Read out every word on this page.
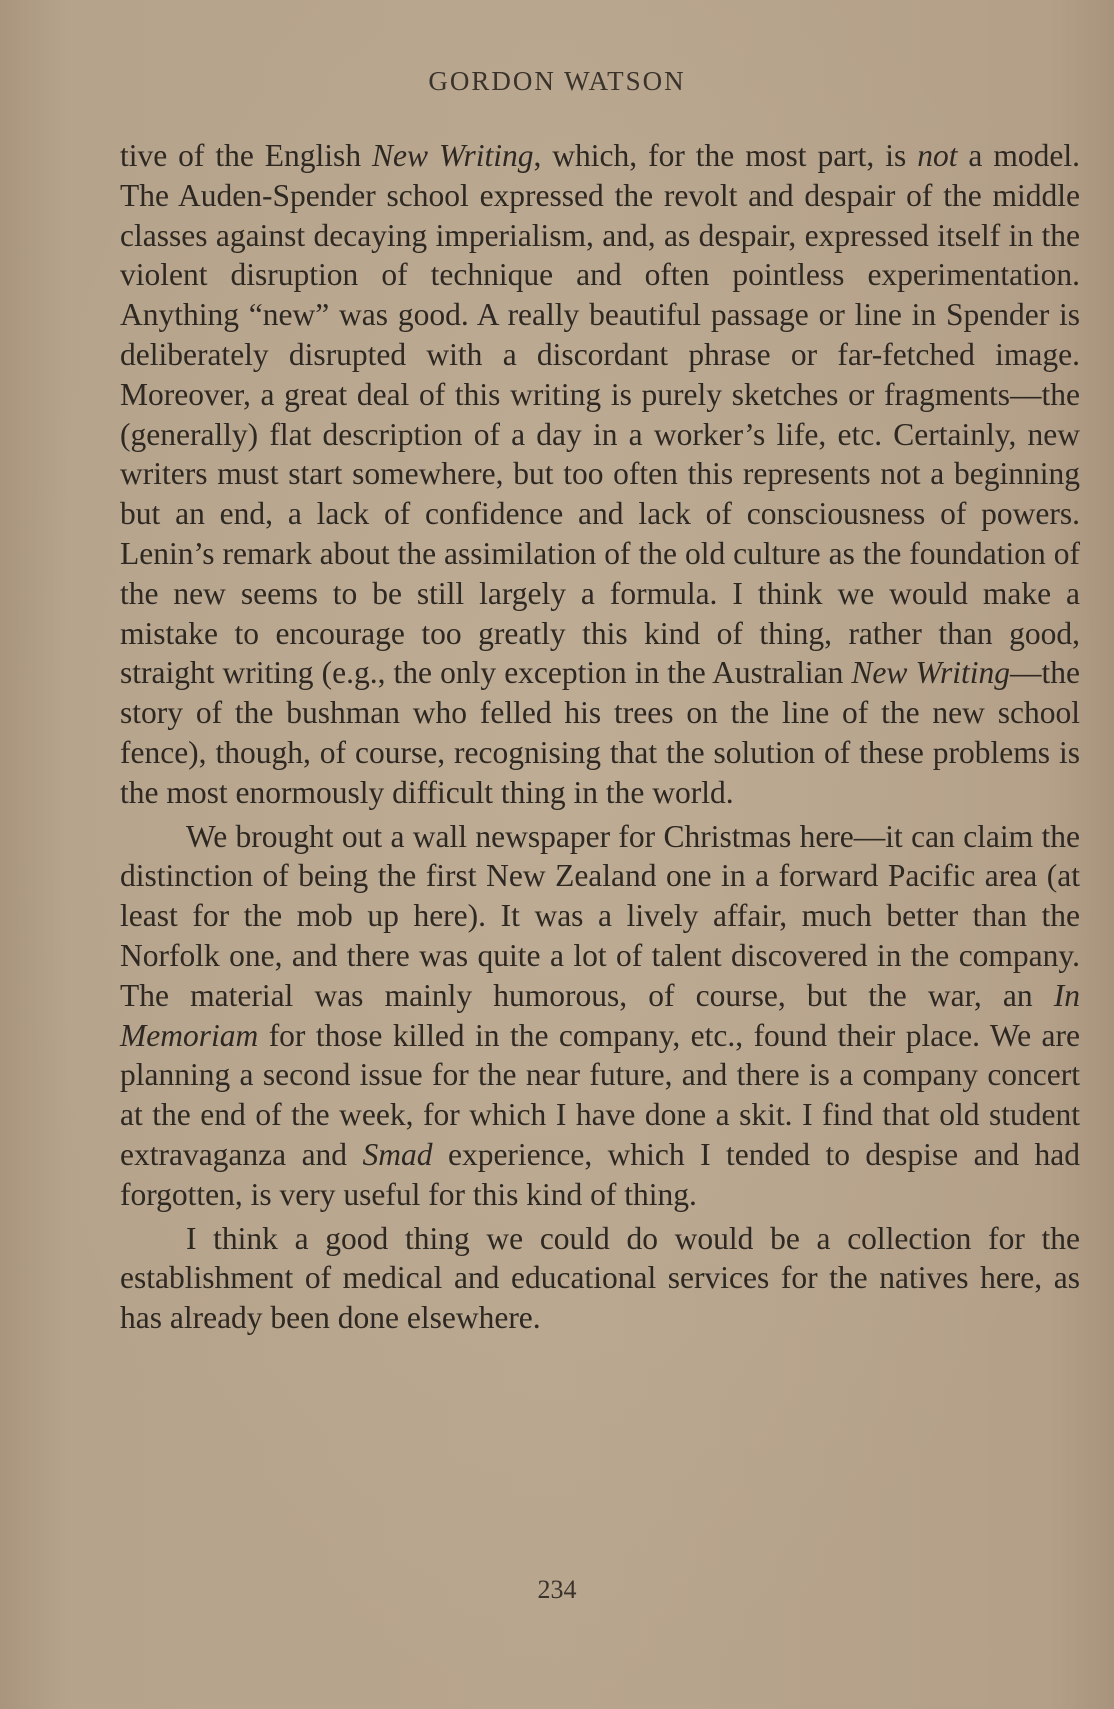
GORDON WATSON

tive of the English New Writing, which, for the most part, is not a model. The Auden-Spender school expressed the revolt and despair of the middle classes against decaying imperialism, and, as despair, expressed itself in the violent disruption of technique and often pointless experimentation. Anything “new” was good. A really beautiful passage or line in Spender is deliberately disrupted with a discordant phrase or far-fetched image. Moreover, a great deal of this writing is purely sketches or fragments—the (generally) flat description of a day in a worker’s life, etc. Certainly, new writers must start somewhere, but too often this represents not a beginning but an end, a lack of confidence and lack of consciousness of powers. Lenin’s remark about the assimilation of the old culture as the foundation of the new seems to be still largely a formula. I think we would make a mistake to encourage too greatly this kind of thing, rather than good, straight writing (e.g., the only exception in the Australian New Writing—the story of the bushman who felled his trees on the line of the new school fence), though, of course, recognising that the solution of these problems is the most enormously difficult thing in the world.

We brought out a wall newspaper for Christmas here—it can claim the distinction of being the first New Zealand one in a forward Pacific area (at least for the mob up here). It was a lively affair, much better than the Norfolk one, and there was quite a lot of talent discovered in the company. The material was mainly humorous, of course, but the war, an In Memoriam for those killed in the company, etc., found their place. We are planning a second issue for the near future, and there is a company concert at the end of the week, for which I have done a skit. I find that old student extravaganza and Smad experience, which I tended to despise and had forgotten, is very useful for this kind of thing.

I think a good thing we could do would be a collection for the establishment of medical and educational services for the natives here, as has already been done elsewhere.

234
